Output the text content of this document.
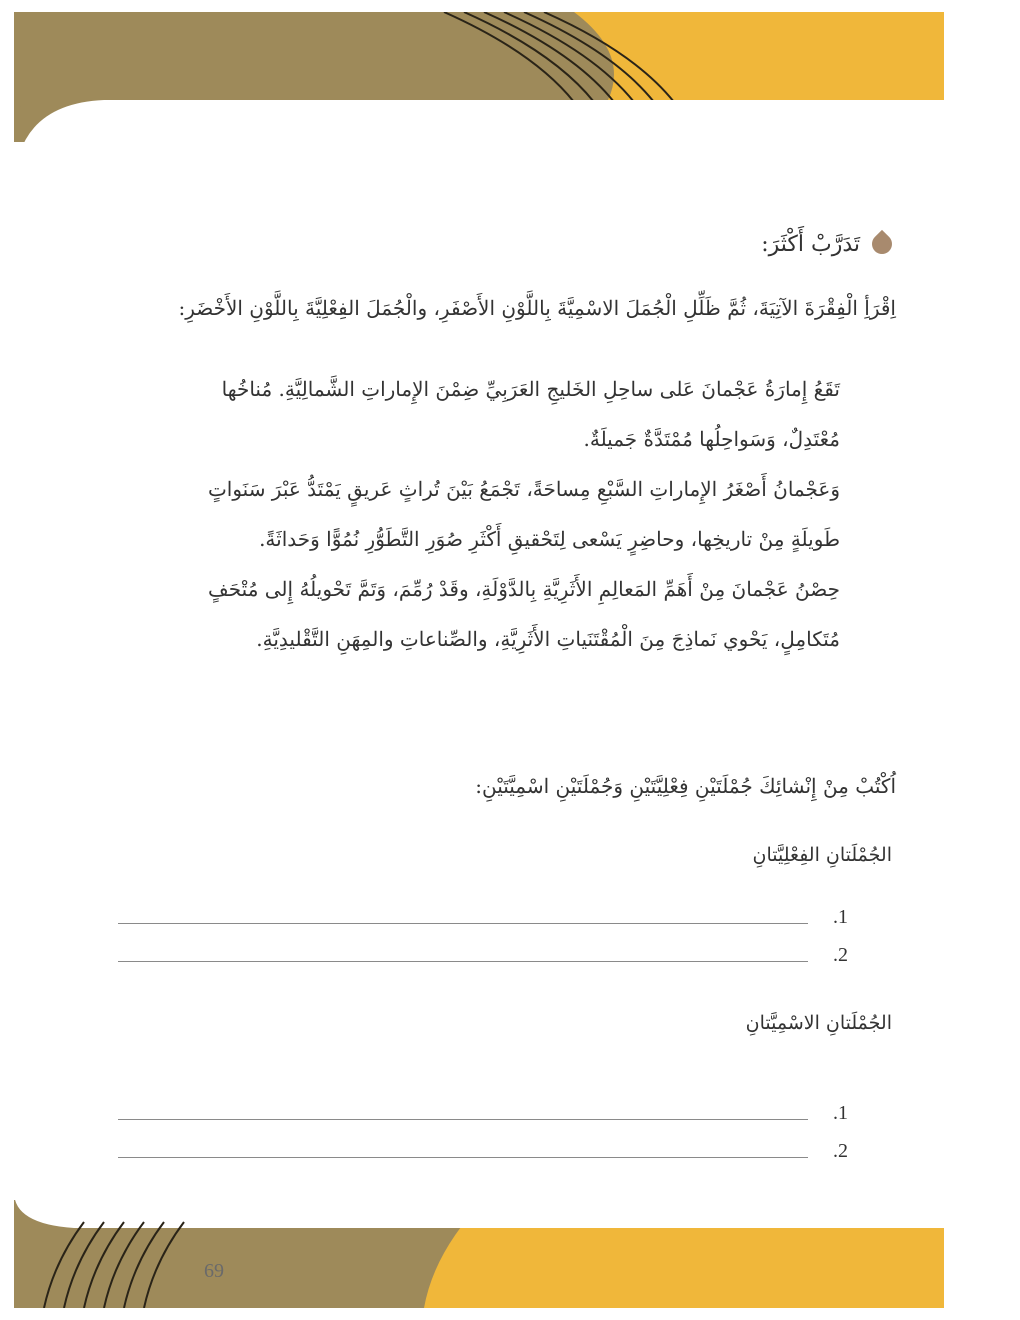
تَدَرَّبْ أَكْثَرَ:
اِقْرَأِ الْفِقْرَةَ الآتِيَةَ، ثُمَّ ظَلِّلِ الْجُمَلَ الاسْمِيَّةَ بِاللَّوْنِ الأَصْفَرِ، والْجُمَلَ الفِعْلِيَّةَ بِاللَّوْنِ الأَخْضَرِ:

تَقَعُ إِمارَةُ عَجْمانَ عَلى ساحِلِ الخَليجِ العَرَبِيِّ ضِمْنَ الإِماراتِ الشَّمالِيَّةِ. مُناخُها مُعْتَدِلٌ، وَسَواحِلُها مُمْتَدَّةٌ جَميلَةٌ.

وَعَجْمانُ أَصْغَرُ الإِماراتِ السَّبْعِ مِساحَةً، تَجْمَعُ بَيْنَ تُراثٍ عَريقٍ يَمْتَدُّ عَبْرَ سَنَواتٍ طَويلَةٍ مِنْ تاريخِها، وحاضِرٍ يَسْعى لِتَحْقيقِ أَكْثَرِ صُوَرِ التَّطَوُّرِ نُمُوًّا وَحَداثَةً.

حِصْنُ عَجْمانَ مِنْ أَهَمِّ المَعالِمِ الأَثَرِيَّةِ بِالدَّوْلَةِ، وقَدْ رُمِّمَ، وَتَمَّ تَحْويلُهُ إِلى مُتْحَفٍ مُتَكامِلٍ، يَحْوي نَماذِجَ مِنَ الْمُقْتَنَياتِ الأَثَرِيَّةِ، والصِّناعاتِ والمِهَنِ التَّقْليدِيَّةِ.

اُكْتُبْ مِنْ إِنْشائِكَ جُمْلَتَيْنِ فِعْلِيَّتَيْنِ وَجُمْلَتَيْنِ اسْمِيَّتَيْنِ:
الجُمْلَتانِ الفِعْلِيَّتانِ
1.
2.
الجُمْلَتانِ الاسْمِيَّتانِ
1.
2.
69
